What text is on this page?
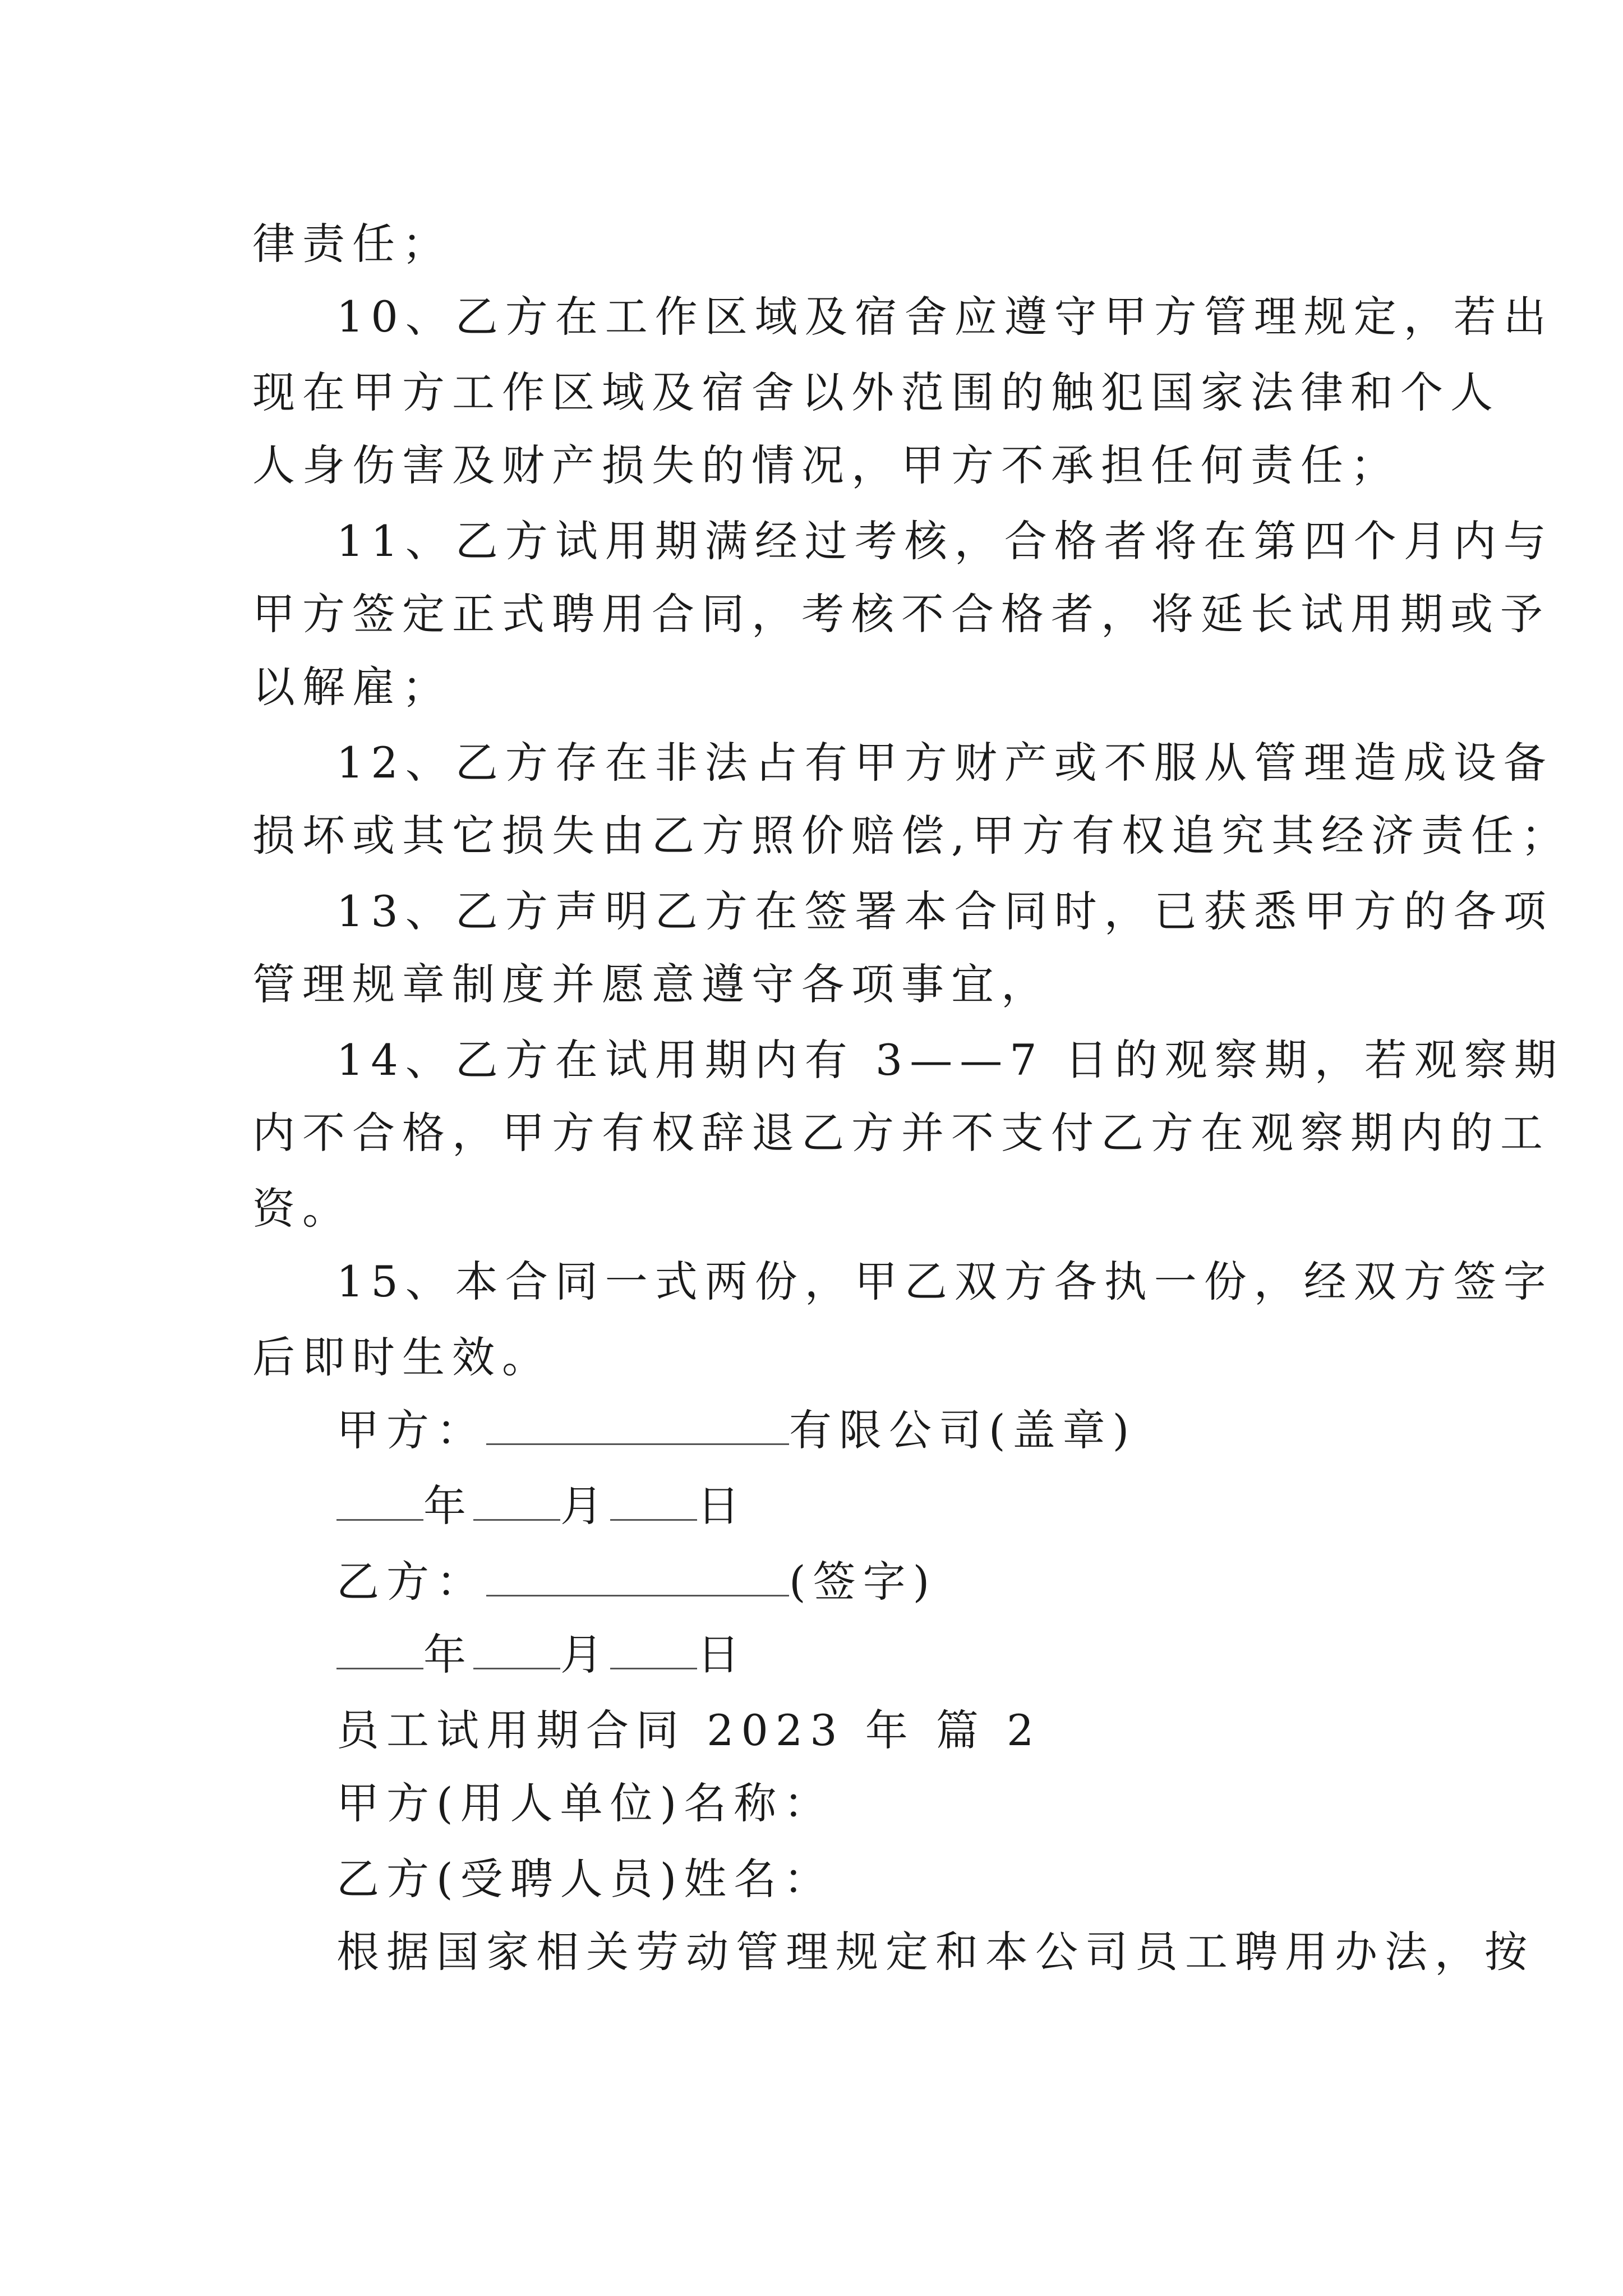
律责任；
10、乙方在工作区域及宿舍应遵守甲方管理规定，若出
现在甲方工作区域及宿舍以外范围的触犯国家法律和个人
人身伤害及财产损失的情况，甲方不承担任何责任；
11、乙方试用期满经过考核，合格者将在第四个月内与
甲方签定正式聘用合同，考核不合格者，将延长试用期或予
以解雇；
12、乙方存在非法占有甲方财产或不服从管理造成设备
损坏或其它损失由乙方照价赔偿,甲方有权追究其经济责任；
13、乙方声明乙方在签署本合同时，已获悉甲方的各项
管理规章制度并愿意遵守各项事宜，
14、乙方在试用期内有 3——7 日的观察期，若观察期
内不合格，甲方有权辞退乙方并不支付乙方在观察期内的工
资。
15、本合同一式两份，甲乙双方各执一份，经双方签字
后即时生效。
甲方：	有限公司(盖章)
年 月 日
乙方：	(签字)
年 月 日
员工试用期合同 2023 年 篇 2
甲方(用人单位)名称：
乙方(受聘人员)姓名：
根据国家相关劳动管理规定和本公司员工聘用办法，按
